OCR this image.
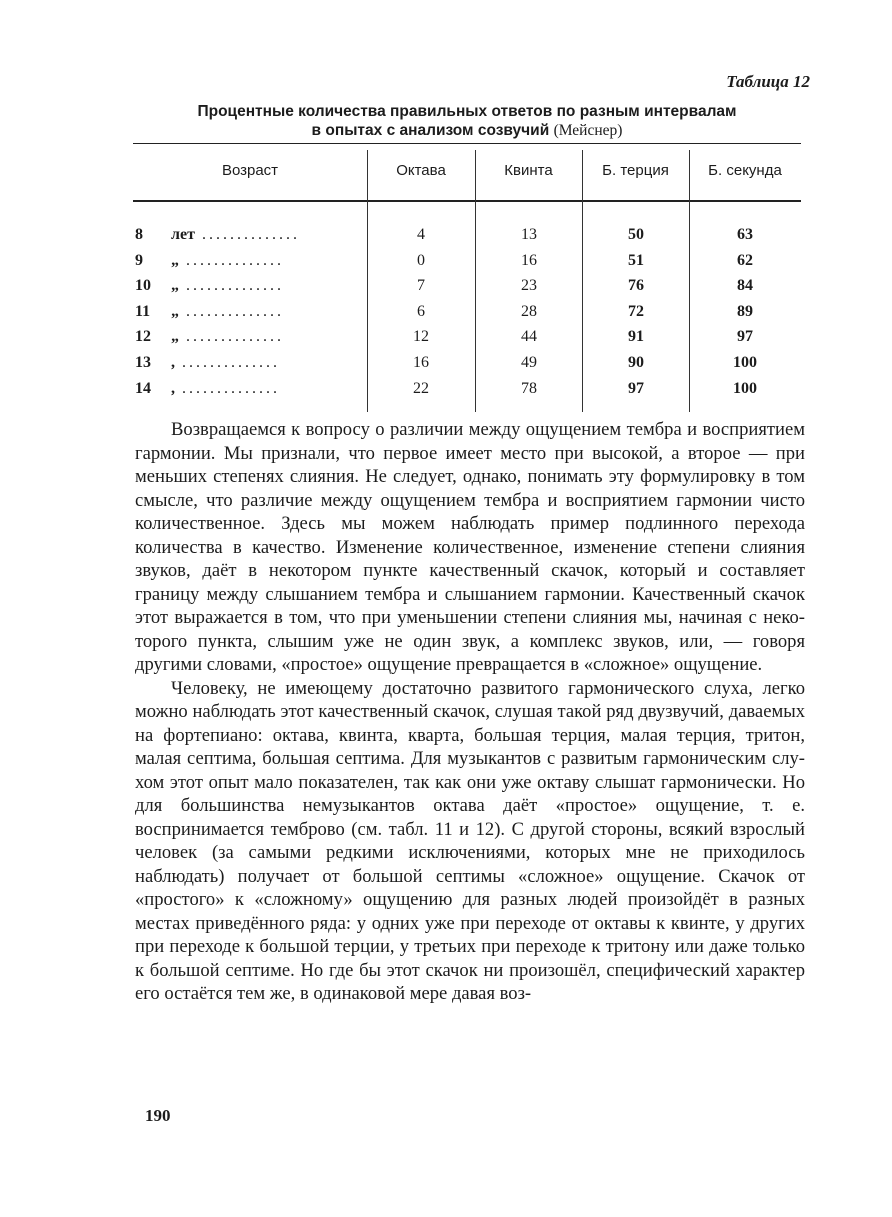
Таблица 12
Процентные количества правильных ответов по разным интервалам
в опытах с анализом созвучий (Мейснер)
Возраст	Октава	Квинта	Б. терция	Б. секунда
8 лет ..............	4	13	50	63
9 „ ..............	0	16	51	62
10 „ ..............	7	23	76	84
11 „ ..............	6	28	72	89
12 „ ..............	12	44	91	97
13 , ..............	16	49	90	100
14 , ..............	22	78	97	100

Возвращаемся к вопросу о различии между ощущением тембра и восприятием гармонии. Мы признали, что первое имеет место при высокой, а второе — при меньших степенях слияния. Не следует, однако, понимать эту формулировку в том смысле, что различие между ощущением тембра и восприятием гармонии чисто количественное. Здесь мы можем наблюдать пример подлинного перехода количества в качество. Изменение количественное, изменение степени слияния звуков, даёт в некотором пункте качественный скачок, который и составляет границу между слышанием тембра и слышанием гармонии. Качественный скачок этот выражается в том, что при уменьшении степени слияния мы, начиная с некоторого пункта, слышим уже не один звук, а комплекс звуков, или, — говоря другими словами, «простое» ощущение превращается в «сложное» ощущение.

Человеку, не имеющему достаточно развитого гармонического слуха, легко можно наблюдать этот качественный скачок, слушая такой ряд двузвучий, даваемых на фортепиано: октава, квинта, кварта, большая терция, малая терция, тритон, малая септима, большая септима. Для музыкантов с развитым гармоническим слухом этот опыт мало показателен, так как они уже октаву слышат гармонически. Но для большинства немузыкантов октава даёт «простое» ощущение, т. е. воспринимается темброво (см. табл. 11 и 12). С другой стороны, всякий взрослый человек (за самыми редкими исключениями, которых мне не приходилось наблюдать) получает от большой септимы «сложное» ощущение. Скачок от «простого» к «сложному» ощущению для разных людей произойдёт в разных местах приведённого ряда: у одних уже при переходе от октавы к квинте, у других при переходе к большой терции, у третьих при переходе к тритону или даже только к большой септиме. Но где бы этот скачок ни произошёл, специфический характер его остаётся тем же, в одинаковой мере давая воз-

190
